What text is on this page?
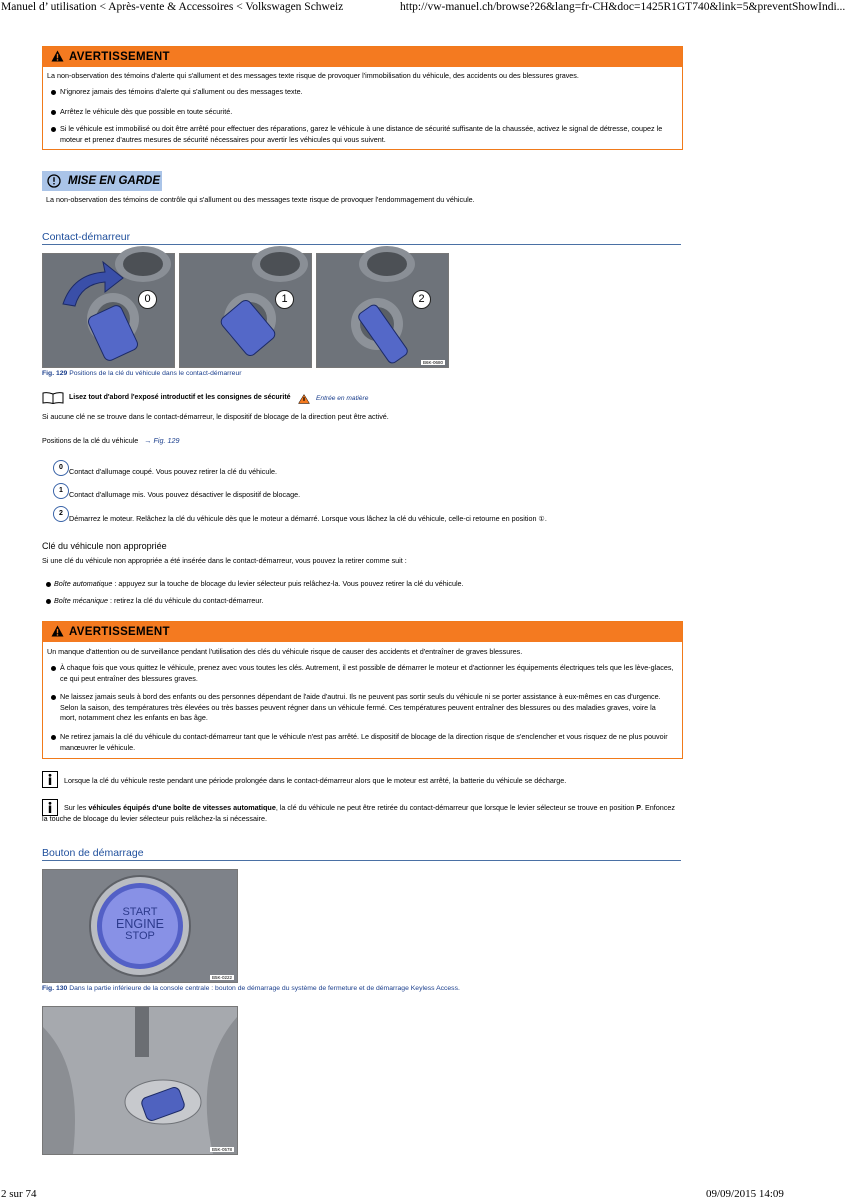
Manuel d’ utilisation < Après-vente & Accessoires < Volkswagen Schweiz	http://vw-manuel.ch/browse?26&lang=fr-CH&doc=1425R1GT740&link=5&preventShowIndi...
AVERTISSEMENT
La non-observation des témoins d'alerte qui s'allument et des messages texte risque de provoquer l'immobilisation du véhicule, des accidents ou des blessures graves.
N'ignorez jamais des témoins d'alerte qui s'allument ou des messages texte.
Arrêtez le véhicule dès que possible en toute sécurité.
Si le véhicule est immobilisé ou doit être arrêté pour effectuer des réparations, garez le véhicule à une distance de sécurité suffisante de la chaussée, activez le signal de détresse, coupez le moteur et prenez d'autres mesures de sécurité nécessaires pour avertir les véhicules qui vous suivent.
MISE EN GARDE
La non-observation des témoins de contrôle qui s'allument ou des messages texte risque de provoquer l'endommagement du véhicule.
Contact-démarreur
0	1
B6K-0680
2
Fig. 129 Positions de la clé du véhicule dans le contact-démarreur
Lisez tout d'abord l'exposé introductif et les consignes de sécurité	Entrée en matière
Si aucune clé ne se trouve dans le contact-démarreur, le dispositif de blocage de la direction peut être activé.
Positions de la clé du véhicule → Fig. 129
0 Contact d'allumage coupé. Vous pouvez retirer la clé du véhicule.
1 Contact d'allumage mis. Vous pouvez désactiver le dispositif de blocage.
2
Démarrez le moteur. Relâchez la clé du véhicule dès que le moteur a démarré. Lorsque vous lâchez la clé du véhicule, celle-ci retourne en position ①.
Clé du véhicule non appropriée
Si une clé du véhicule non appropriée a été insérée dans le contact-démarreur, vous pouvez la retirer comme suit :
Boîte automatique : appuyez sur la touche de blocage du levier sélecteur puis relâchez-la. Vous pouvez retirer la clé du véhicule.
Boîte mécanique : retirez la clé du véhicule du contact-démarreur.
AVERTISSEMENT
Un manque d'attention ou de surveillance pendant l'utilisation des clés du véhicule risque de causer des accidents et d'entraîner de graves blessures.
À chaque fois que vous quittez le véhicule, prenez avec vous toutes les clés. Autrement, il est possible de démarrer le moteur et d'actionner les équipements électriques tels que les lève-glaces, ce qui peut entraîner des blessures graves.
Ne laissez jamais seuls à bord des enfants ou des personnes dépendant de l'aide d'autrui. Ils ne peuvent pas sortir seuls du véhicule ni se porter assistance à eux-mêmes en cas d'urgence. Selon la saison, des températures très élevées ou très basses peuvent régner dans un véhicule fermé. Ces températures peuvent entraîner des blessures ou des maladies graves, voire la mort, notamment chez les enfants en bas âge.
Ne retirez jamais la clé du véhicule du contact-démarreur tant que le véhicule n'est pas arrêté. Le dispositif de blocage de la direction risque de s'enclencher et vous risquez de ne plus pouvoir manœuvrer le véhicule.
Lorsque la clé du véhicule reste pendant une période prolongée dans le contact-démarreur alors que le moteur est arrêté, la batterie du véhicule se décharge.
Sur les véhicules équipés d'une boîte de vitesses automatique, la clé du véhicule ne peut être retirée du contact-démarreur que lorsque le levier sélecteur se trouve en position P. Enfoncez la touche de blocage du levier sélecteur puis relâchez-la si nécessaire.
Bouton de démarrage
START
ENGINE
STOP
B5K-0222
Fig. 130 Dans la partie inférieure de la console centrale : bouton de démarrage du système de fermeture et de démarrage Keyless Access.
B5K-0578
2 sur 74	09/09/2015 14:09
